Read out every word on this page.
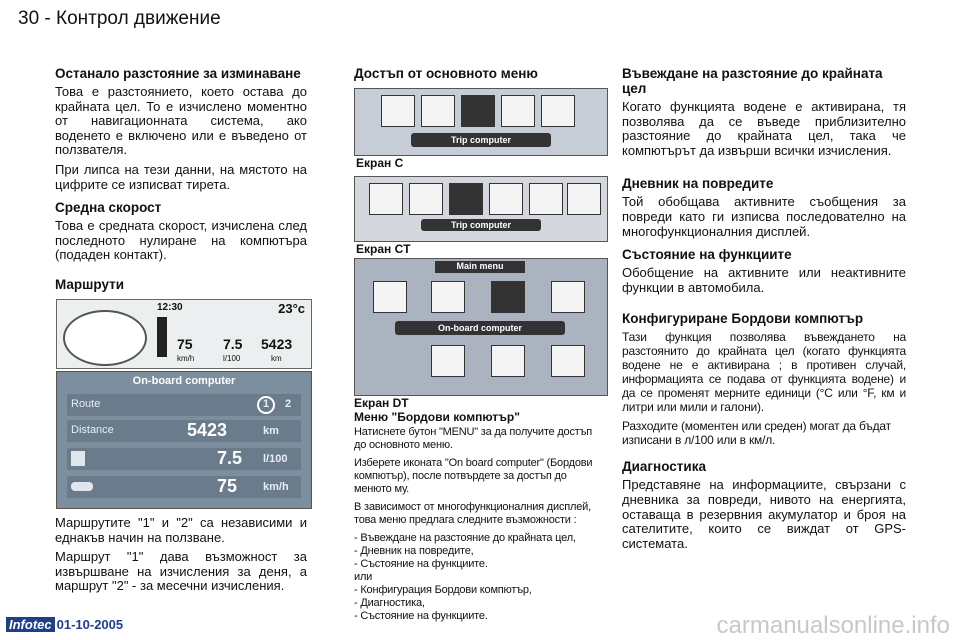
30 - Контрол движение
Останало разстояние за изминаване

Това е разстоянието, което остава до крайната цел. То е изчислено моментно от навигационната система, ако воденето е включено или е въведено от ползвателя.

При липса на тези данни, на мястото на цифрите се изписват тирета.

Средна скорост

Това е средната скорост, изчислена след последното нулиране на компютъра (подаден контакт).

Маршрути
12:30	23°c
75
km/h
7.5
l/100
5423
km
On-board computer
Route	1	2
Distance	5423	km
7.5 l/100
75 km/h

Маршрутите "1" и "2" са независими и еднакъв начин на ползване.

Маршрут "1" дава възможност за извършване на изчисления за деня, а маршрут "2" - за месечни изчисления.

Достъп от основното меню
Trip computer
Екран C
Trip computer
Екран CT
Main menu
On-board computer
Екран DT
Меню "Бордови компютър"

Натиснете бутон "MENU" за да получите достъп до основното меню.

Изберете иконата "On board computer" (Бордови компютър), после потвърдете за достъп до менюто му.

В зависимост от многофункционалния дисплей, това меню предлага следните възможности :

- Въвеждане на разстояние до крайната цел,
- Дневник на повредите,
- Състояние на функциите.
или
- Конфигурация Бордови компютър,
- Диагностика,
- Състояние на функциите.
Въвеждане на разстояние до крайната цел

Когато функцията водене е активирана, тя позволява да се въведе приблизително разстояние до крайната цел, така че компютърът да извърши всички изчисления.

Дневник на повредите

Той обобщава активните съобщения за повреди като ги изписва последователно на многофункционалния дисплей.

Състояние на функциите

Обобщение на активните или неактивните функции в автомобила.

Конфигуриране Бордови компютър

Тази функция позволява въвеждането на разстоянито до крайната цел (когато функцията водене не е активирана ; в противен случай, информацията се подава от функцията водене) и да се променят мерните единици (°C или °F, км и литри или мили и галони).

Разходите (моментен или среден) могат да бъдат изписани в л/100 или в км/л.

Диагностика

Представяне на информациите, свързани с дневника за повреди, нивото на енергията, оставаща в резервния акумулатор и броя на сателитите, които се виждат от GPS-системата.

Infotec 01-10-2005	carmanualsonline.info
